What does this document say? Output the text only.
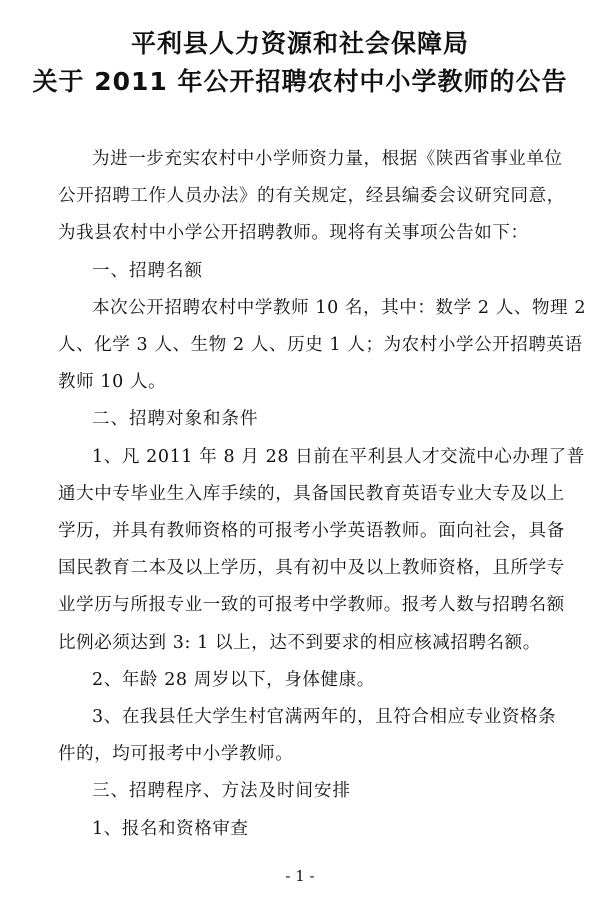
平利县人力资源和社会保障局
关于 2011 年公开招聘农村中小学教师的公告
为进一步充实农村中小学师资力量，根据《陕西省事业单位
公开招聘工作人员办法》的有关规定，经县编委会议研究同意，
为我县农村中小学公开招聘教师。现将有关事项公告如下：
一、招聘名额
本次公开招聘农村中学教师 10 名，其中：数学 2 人、物理 2
人、化学 3 人、生物 2 人、历史 1 人；为农村小学公开招聘英语
教师 10 人。
二、招聘对象和条件
1、凡 2011 年 8 月 28 日前在平利县人才交流中心办理了普
通大中专毕业生入库手续的，具备国民教育英语专业大专及以上
学历，并具有教师资格的可报考小学英语教师。面向社会，具备
国民教育二本及以上学历，具有初中及以上教师资格，且所学专
业学历与所报专业一致的可报考中学教师。报考人数与招聘名额
比例必须达到 3: 1 以上，达不到要求的相应核减招聘名额。
2、年龄 28 周岁以下，身体健康。
3、在我县任大学生村官满两年的，且符合相应专业资格条
件的，均可报考中小学教师。
三、招聘程序、方法及时间安排
- 1 -
1、报名和资格审查
